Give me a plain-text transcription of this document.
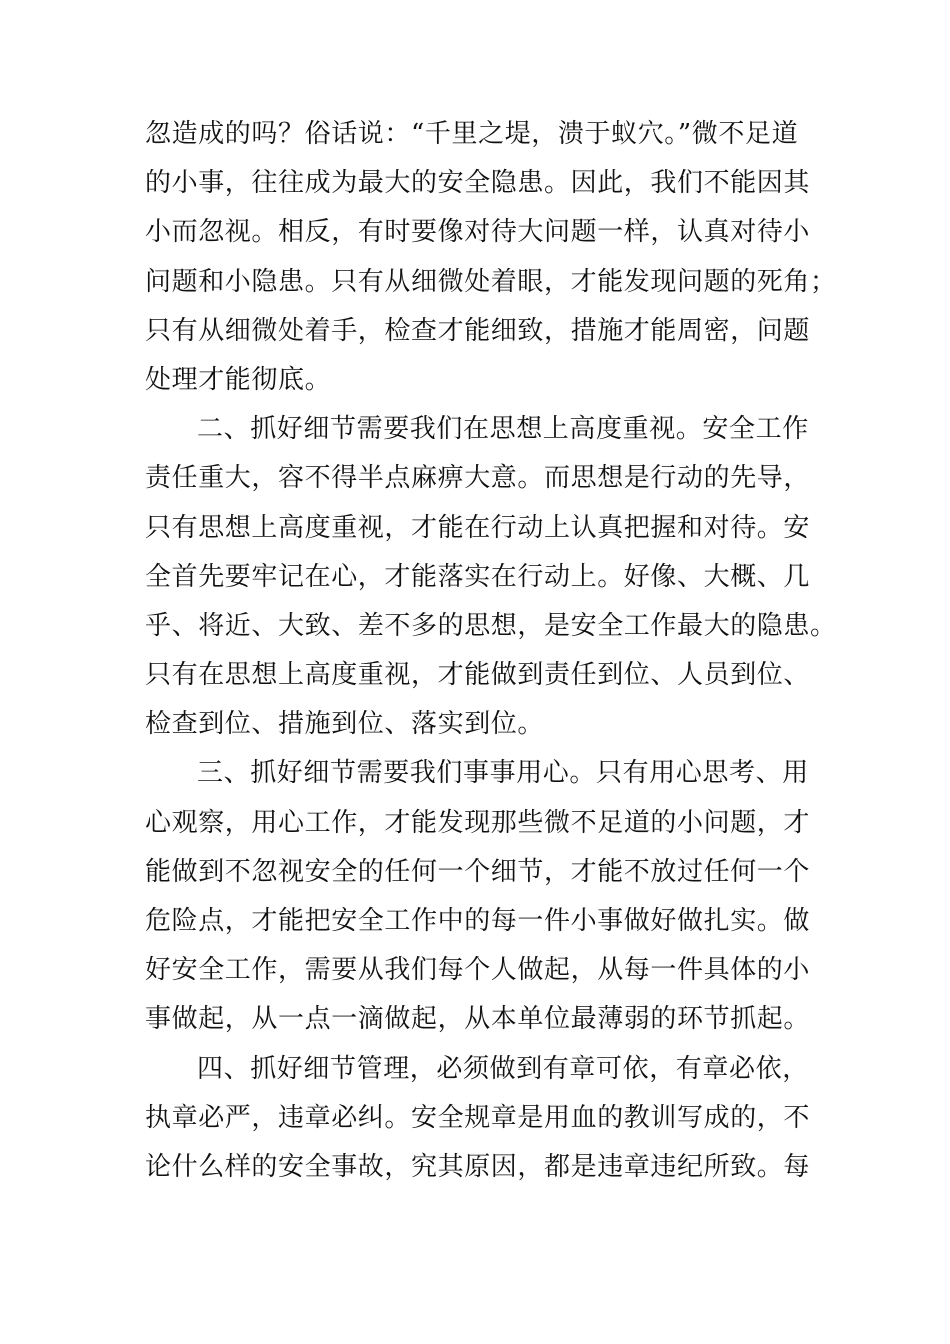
忽造成的吗？俗话说：“千里之堤，溃于蚁穴。”微不足道
的小事，往往成为最大的安全隐患。因此，我们不能因其
小而忽视。相反，有时要像对待大问题一样，认真对待小
问题和小隐患。只有从细微处着眼，才能发现问题的死角；
只有从细微处着手，检查才能细致，措施才能周密，问题
处理才能彻底。
二、抓好细节需要我们在思想上高度重视。安全工作
责任重大，容不得半点麻痹大意。而思想是行动的先导，
只有思想上高度重视，才能在行动上认真把握和对待。安
全首先要牢记在心，才能落实在行动上。好像、大概、几
乎、将近、大致、差不多的思想，是安全工作最大的隐患。
只有在思想上高度重视，才能做到责任到位、人员到位、
检查到位、措施到位、落实到位。
三、抓好细节需要我们事事用心。只有用心思考、用
心观察，用心工作，才能发现那些微不足道的小问题，才
能做到不忽视安全的任何一个细节，才能不放过任何一个
危险点，才能把安全工作中的每一件小事做好做扎实。做
好安全工作，需要从我们每个人做起，从每一件具体的小
事做起，从一点一滴做起，从本单位最薄弱的环节抓起。
四、抓好细节管理，必须做到有章可依，有章必依，
执章必严，违章必纠。安全规章是用血的教训写成的，不
论什么样的安全事故，究其原因，都是违章违纪所致。每
